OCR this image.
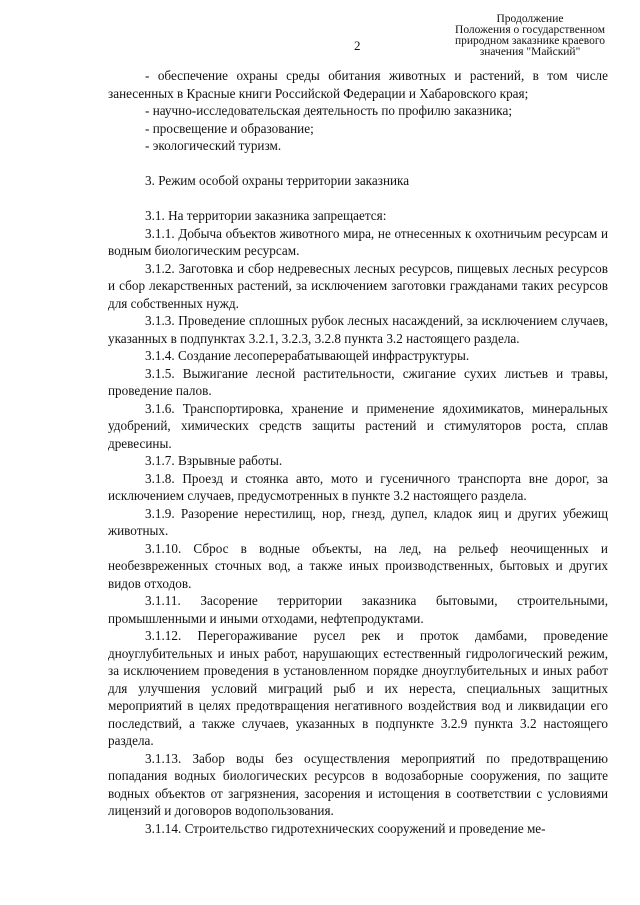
Продолжение
Положения о государственном
природном заказнике краевого
значения "Майский"
2

- обеспечение охраны среды обитания животных и растений, в том числе занесенных в Красные книги Российской Федерации и Хабаровского края;

- научно-исследовательская деятельность по профилю заказника;

- просвещение и образование;

- экологический туризм.

3. Режим особой охраны территории заказника

3.1. На территории заказника запрещается:

3.1.1. Добыча объектов животного мира, не отнесенных к охотничьим ресурсам и водным биологическим ресурсам.

3.1.2. Заготовка и сбор недревесных лесных ресурсов, пищевых лесных ресурсов и сбор лекарственных растений, за исключением заготовки гражданами таких ресурсов для собственных нужд.

3.1.3. Проведение сплошных рубок лесных насаждений, за исключением случаев, указанных в подпунктах 3.2.1, 3.2.3, 3.2.8 пункта 3.2 настоящего раздела.

3.1.4. Создание лесоперерабатывающей инфраструктуры.

3.1.5. Выжигание лесной растительности, сжигание сухих листьев и травы, проведение палов.

3.1.6. Транспортировка, хранение и применение ядохимикатов, минеральных удобрений, химических средств защиты растений и стимуляторов роста, сплав древесины.

3.1.7. Взрывные работы.

3.1.8. Проезд и стоянка авто, мото и гусеничного транспорта вне дорог, за исключением случаев, предусмотренных в пункте 3.2 настоящего раздела.

3.1.9. Разорение нерестилищ, нор, гнезд, дупел, кладок яиц и других убежищ животных.

3.1.10. Сброс в водные объекты, на лед, на рельеф неочищенных и необезвреженных сточных вод, а также иных производственных, бытовых и других видов отходов.

3.1.11. Засорение территории заказника бытовыми, строительными, промышленными и иными отходами, нефтепродуктами.

3.1.12. Перегораживание русел рек и проток дамбами, проведение дноуглубительных и иных работ, нарушающих естественный гидрологический режим, за исключением проведения в установленном порядке дноуглубительных и иных работ для улучшения условий миграций рыб и их нереста, специальных защитных мероприятий в целях предотвращения негативного воздействия вод и ликвидации его последствий, а также случаев, указанных в подпункте 3.2.9 пункта 3.2 настоящего раздела.

3.1.13. Забор воды без осуществления мероприятий по предотвращению попадания водных биологических ресурсов в водозаборные сооружения, по защите водных объектов от загрязнения, засорения и истощения в соответствии с условиями лицензий и договоров водопользования.

3.1.14. Строительство гидротехнических сооружений и проведение ме-
